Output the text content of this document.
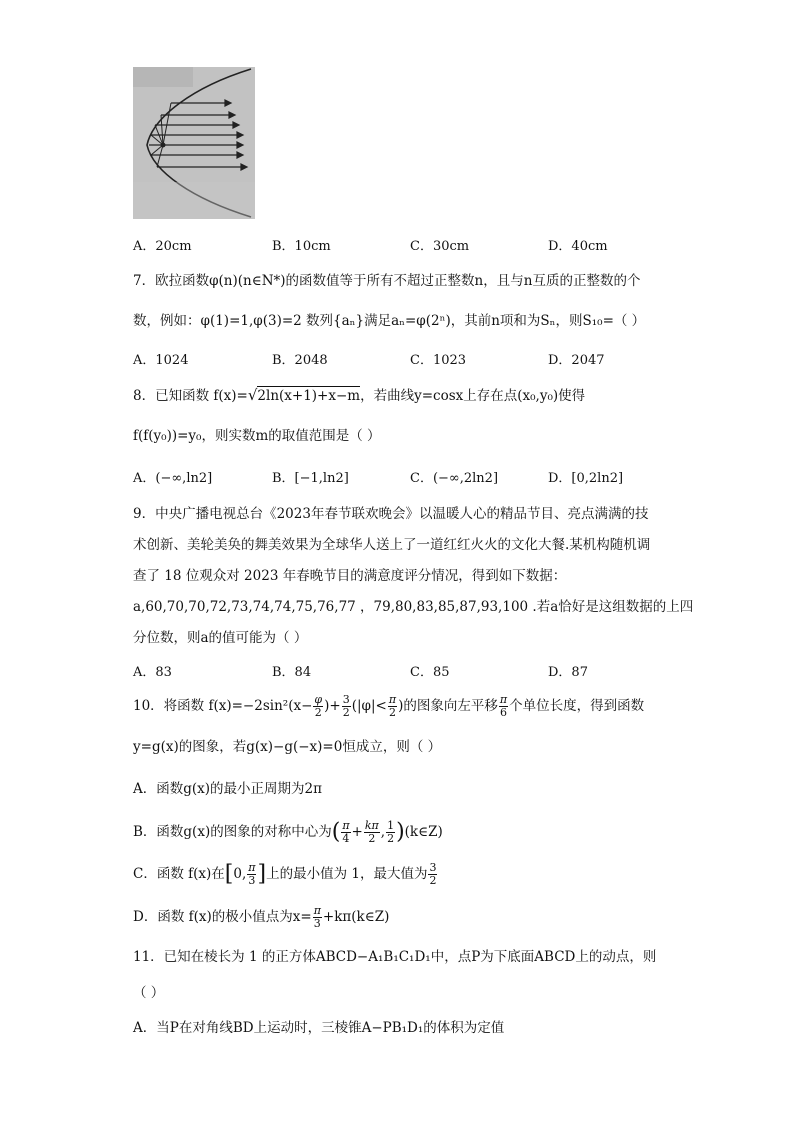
A．20cm	B．10cm	C．30cm	D．40cm
7．欧拉函数φ(n)(n∈N*)的函数值等于所有不超过正整数n，且与n互质的正整数的个
数，例如：φ(1)=1,φ(3)=2 数列{aₙ}满足aₙ=φ(2ⁿ)，其前n项和为Sₙ，则S₁₀=（ ）
A．1024	B．2048	C．1023	D．2047
8．已知函数 f(x)=√2ln(x+1)+x−m，若曲线y=cosx上存在点(x₀,y₀)使得
f(f(y₀))=y₀，则实数m的取值范围是（ ）
A．(−∞,ln2]	B．[−1,ln2]	C．(−∞,2ln2]	D．[0,2ln2]
9．中央广播电视总台《2023年春节联欢晚会》以温暖人心的精品节目、亮点满满的技
术创新、美轮美奂的舞美效果为全球华人送上了一道红红火火的文化大餐.某机构随机调
查了 18 位观众对 2023 年春晚节目的满意度评分情况，得到如下数据：
a,60,70,70,72,73,74,74,75,76,77 ，79,80,83,85,87,93,100 .若a恰好是这组数据的上四
分位数，则a的值可能为（ ）
A．83	B．84	C．85	D．87
10．将函数 $f(x)=-2\sin^2(x- \frac{\varphi}{2}$ )+ $\frac{3}{2} (|\varphi|< \frac{\pi}{2}$ )的图象向左平移 $\frac{\pi}{6}$ 个单位长度，得到函数
y=g(x)的图象，若g(x)−g(−x)=0恒成立，则（ ）
A．函数g(x)的最小正周期为2π
B．函数g(x)的图象的对称中心为( $\frac{\pi}{4} + \frac{k\pi}{2}$ , $\frac{1}{2}$ )(k∈Z)
C．函数 f(x)在[0, $\frac{\pi}{3}$ ]上的最小值为 1，最大值为 $\frac{3}{2}$
D．函数 f(x)的极小值点为$x= \frac{\pi}{3}$ +kπ(k∈Z)
11．已知在棱长为 1 的正方体ABCD−A₁B₁C₁D₁中，点P为下底面ABCD上的动点，则
（ ）
A．当P在对角线BD上运动时，三棱锥A−PB₁D₁的体积为定值
